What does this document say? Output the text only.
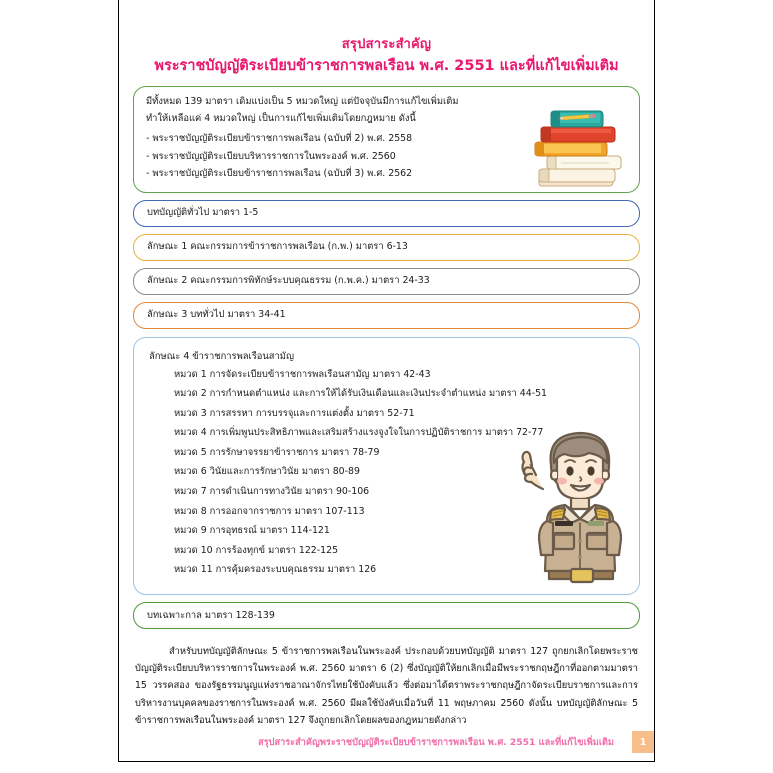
สรุปสาระสำคัญ
พระราชบัญญัติระเบียบข้าราชการพลเรือน พ.ศ. 2551 และที่แก้ไขเพิ่มเติม
มีทั้งหมด 139 มาตรา เดิมแบ่งเป็น 5 หมวดใหญ่ แต่ปัจจุบันมีการแก้ไขเพิ่มเติม ทำให้เหลือแค่ 4 หมวดใหญ่ เป็นการแก้ไขเพิ่มเติมโดยกฎหมาย ดังนี้
- พระราชบัญญัติระเบียบข้าราชการพลเรือน (ฉบับที่ 2) พ.ศ. 2558
- พระราชบัญญัติระเบียบบริหารราชการในพระองค์ พ.ศ. 2560
- พระราชบัญญัติระเบียบข้าราชการพลเรือน (ฉบับที่ 3) พ.ศ. 2562
บทบัญญัติทั่วไป มาตรา 1-5
ลักษณะ 1 คณะกรรมการข้าราชการพลเรือน (ก.พ.) มาตรา 6-13
ลักษณะ 2 คณะกรรมการพิทักษ์ระบบคุณธรรม (ก.พ.ค.) มาตรา 24-33
ลักษณะ 3 บททั่วไป มาตรา 34-41
ลักษณะ 4 ข้าราชการพลเรือนสามัญ
หมวด 1 การจัดระเบียบข้าราชการพลเรือนสามัญ มาตรา 42-43
หมวด 2 การกำหนดตำแหน่ง และการให้ได้รับเงินเดือนและเงินประจำตำแหน่ง มาตรา 44-51
หมวด 3 การสรรหา การบรรจุและการแต่งตั้ง มาตรา 52-71
หมวด 4 การเพิ่มพูนประสิทธิภาพและเสริมสร้างแรงจูงใจในการปฏิบัติราชการ มาตรา 72-77
หมวด 5 การรักษาจรรยาข้าราชการ มาตรา 78-79
หมวด 6 วินัยและการรักษาวินัย มาตรา 80-89
หมวด 7 การดำเนินการทางวินัย มาตรา 90-106
หมวด 8 การออกจากราชการ มาตรา 107-113
หมวด 9 การอุทธรณ์ มาตรา 114-121
หมวด 10 การร้องทุกข์ มาตรา 122-125
หมวด 11 การคุ้มครองระบบคุณธรรม มาตรา 126
บทเฉพาะกาล มาตรา 128-139
สำหรับบทบัญญัติลักษณะ 5 ข้าราชการพลเรือนในพระองค์ ประกอบด้วยบทบัญญัติ มาตรา 127 ถูกยกเลิกโดยพระราชบัญญัติระเบียบบริหารราชการในพระองค์ พ.ศ. 2560 มาตรา 6 (2) ซึ่งบัญญัติให้ยกเลิกเมื่อมีพระราชกฤษฎีกาที่ออกตามมาตรา 15 วรรคสอง ของรัฐธรรมนูญแห่งราชอาณาจักรไทยใช้บังคับแล้ว ซึ่งต่อมาได้ตราพระราชกฤษฎีกาจัดระเบียบราชการและการบริหารงานบุคคลของราชการในพระองค์ พ.ศ. 2560 มีผลใช้บังคับเมื่อวันที่ 11 พฤษภาคม 2560 ดังนั้น บทบัญญัติลักษณะ 5 ข้าราชการพลเรือนในพระองค์ มาตรา 127 จึงถูกยกเลิกโดยผลของกฎหมายดังกล่าว
สรุปสาระสำคัญพระราชบัญญัติระเบียบข้าราชการพลเรือน พ.ศ. 2551 และที่แก้ไขเพิ่มเติม	1
